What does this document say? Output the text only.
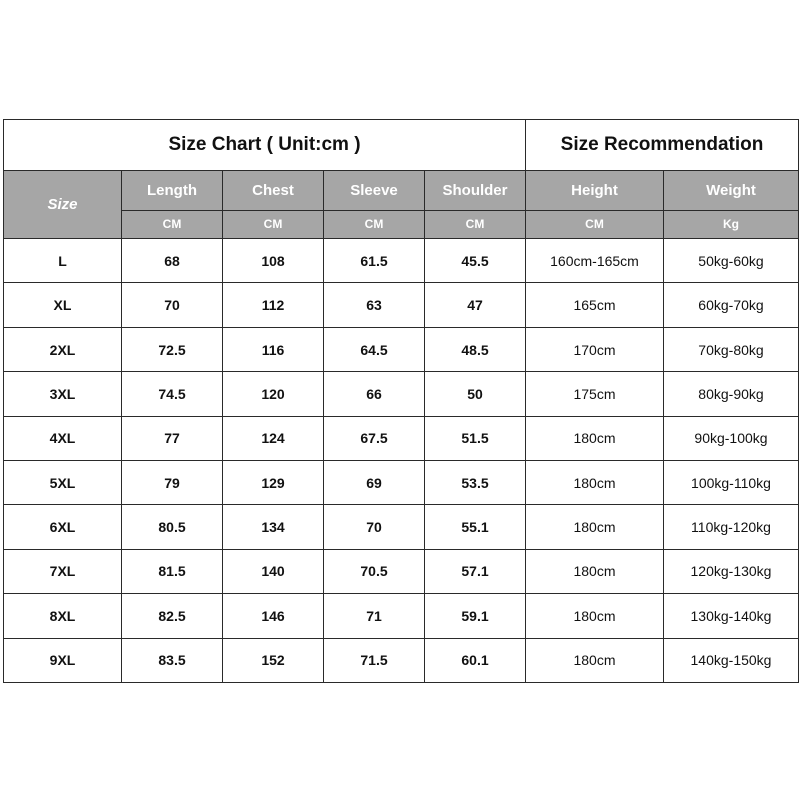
Size Chart ( Unit:cm )					Size Recommendation	
Size	Length	Chest	Sleeve	Shoulder	Height	Weight
	CM	CM	CM	CM	CM	Kg
L	68	108	61.5	45.5	160cm-165cm	50kg-60kg
XL	70	112	63	47	165cm	60kg-70kg
2XL	72.5	116	64.5	48.5	170cm	70kg-80kg
3XL	74.5	120	66	50	175cm	80kg-90kg
4XL	77	124	67.5	51.5	180cm	90kg-100kg
5XL	79	129	69	53.5	180cm	100kg-110kg
6XL	80.5	134	70	55.1	180cm	110kg-120kg
7XL	81.5	140	70.5	57.1	180cm	120kg-130kg
8XL	82.5	146	71	59.1	180cm	130kg-140kg
9XL	83.5	152	71.5	60.1	180cm	140kg-150kg
